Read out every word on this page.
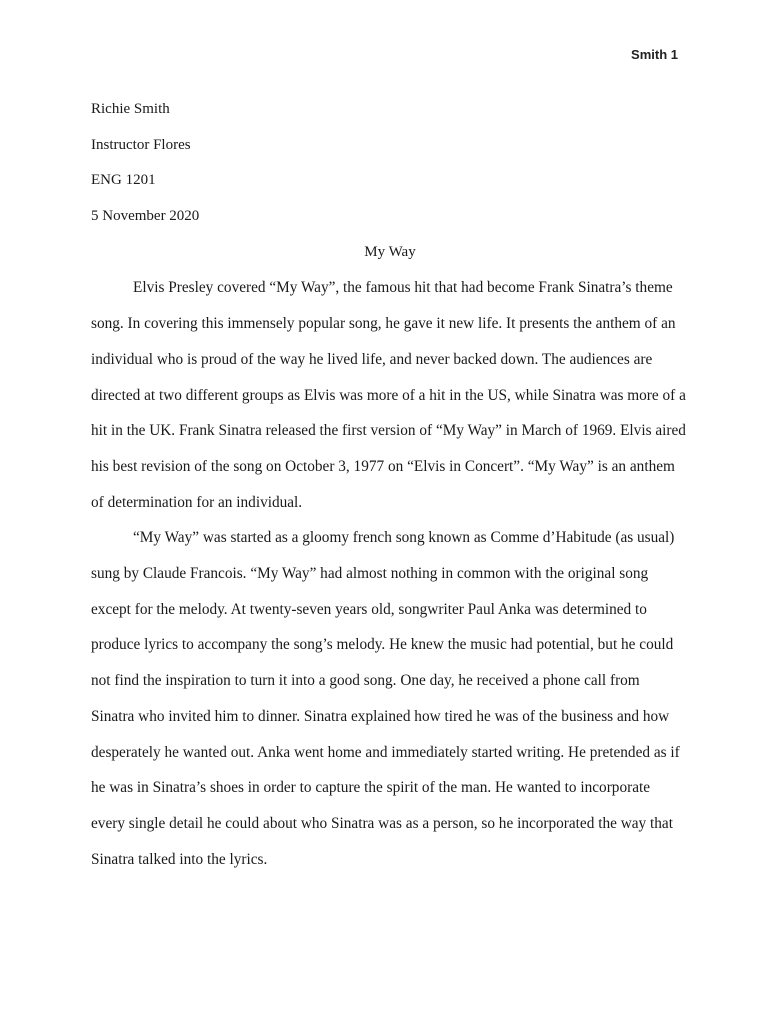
Smith 1
Richie Smith
Instructor Flores
ENG 1201
5 November 2020
My Way

Elvis Presley covered “My Way”, the famous hit that had become Frank Sinatra’s theme
song. In covering this immensely popular song, he gave it new life. It presents the anthem of an
individual who is proud of the way he lived life, and never backed down. The audiences are
directed at two different groups as Elvis was more of a hit in the US, while Sinatra was more of a
hit in the UK. Frank Sinatra released the first version of “My Way” in March of 1969. Elvis aired
his best revision of the song on October 3, 1977 on “Elvis in Concert”. “My Way” is an anthem
of determination for an individual.

“My Way” was started as a gloomy french song known as Comme d’Habitude (as usual)
sung by Claude Francois. “My Way” had almost nothing in common with the original song
except for the melody. At twenty-seven years old, songwriter Paul Anka was determined to
produce lyrics to accompany the song’s melody. He knew the music had potential, but he could
not find the inspiration to turn it into a good song. One day, he received a phone call from
Sinatra who invited him to dinner. Sinatra explained how tired he was of the business and how
desperately he wanted out. Anka went home and immediately started writing. He pretended as if
he was in Sinatra’s shoes in order to capture the spirit of the man. He wanted to incorporate
every single detail he could about who Sinatra was as a person, so he incorporated the way that
Sinatra talked into the lyrics.
